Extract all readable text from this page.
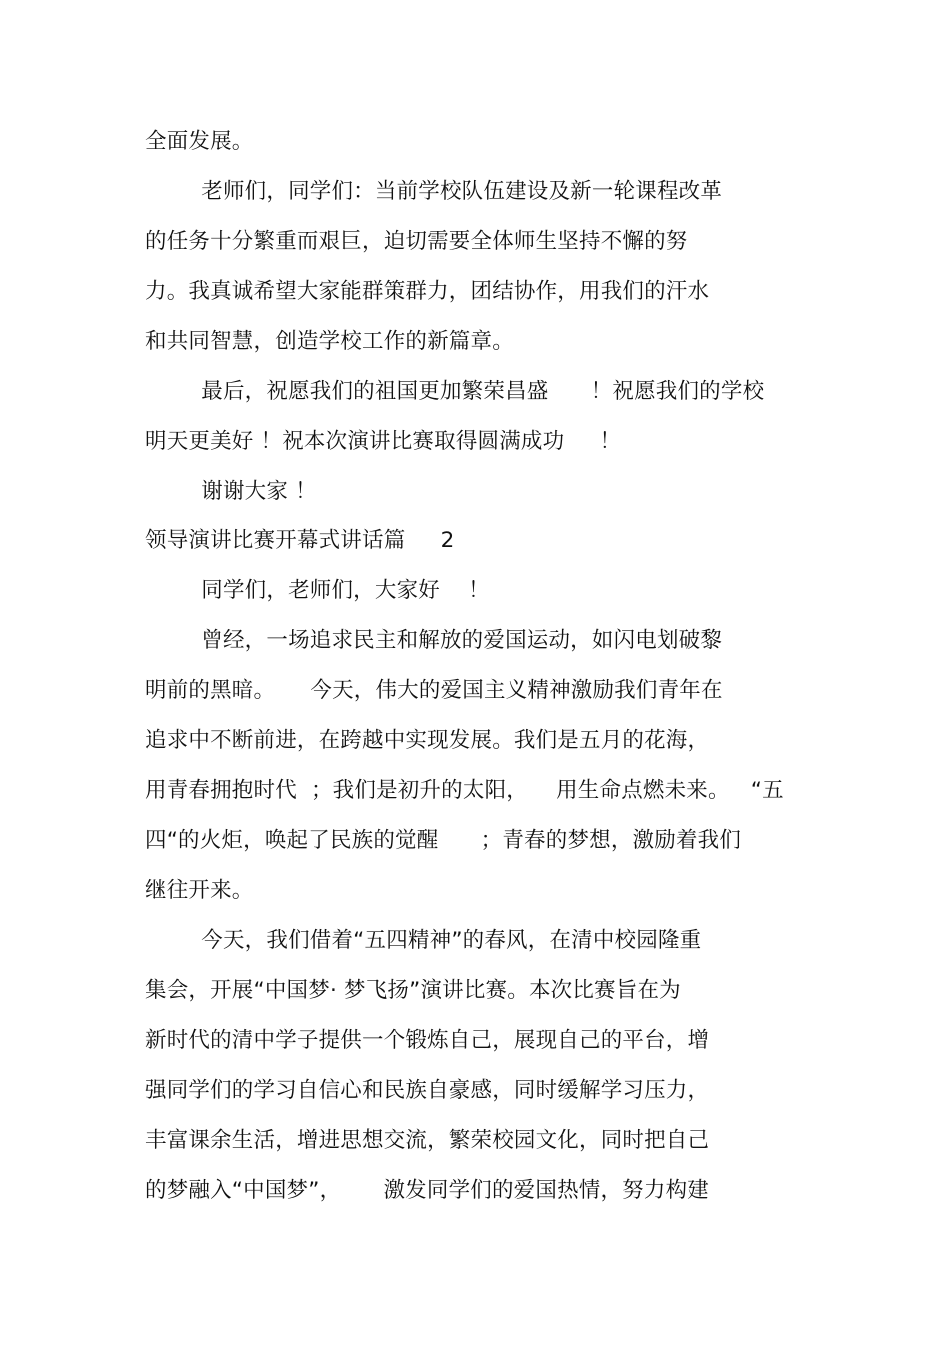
全面发展。
老师们，同学们：当前学校队伍建设及新一轮课程改革
的任务十分繁重而艰巨，迫切需要全体师生坚持不懈的努
力。我真诚希望大家能群策群力，团结协作，用我们的汗水
和共同智慧，创造学校工作的新篇章。
最后，祝愿我们的祖国更加繁荣昌盛      ！祝愿我们的学校
明天更美好 ！祝本次演讲比赛取得圆满成功     ！
谢谢大家 ！
领导演讲比赛开幕式讲话篇     2
同学们，老师们，大家好    ！
曾经，一场追求民主和解放的爱国运动，如闪电划破黎
明前的黑暗。     今天，伟大的爱国主义精神激励我们青年在
追求中不断前进，在跨越中实现发展。我们是五月的花海，
用青春拥抱时代  ；我们是初升的太阳，    用生命点燃未来。   “五
四“的火炬，唤起了民族的觉醒      ；青春的梦想，激励着我们
继往开来。
今天，我们借着“五四精神”的春风，在清中校园隆重
集会，开展“中国梦· 梦飞扬”演讲比赛。本次比赛旨在为
新时代的清中学子提供一个锻炼自己，展现自己的平台，增
强同学们的学习自信心和民族自豪感，同时缓解学习压力，
丰富课余生活，增进思想交流，繁荣校园文化，同时把自己
的梦融入“中国梦”，      激发同学们的爱国热情，努力构建
